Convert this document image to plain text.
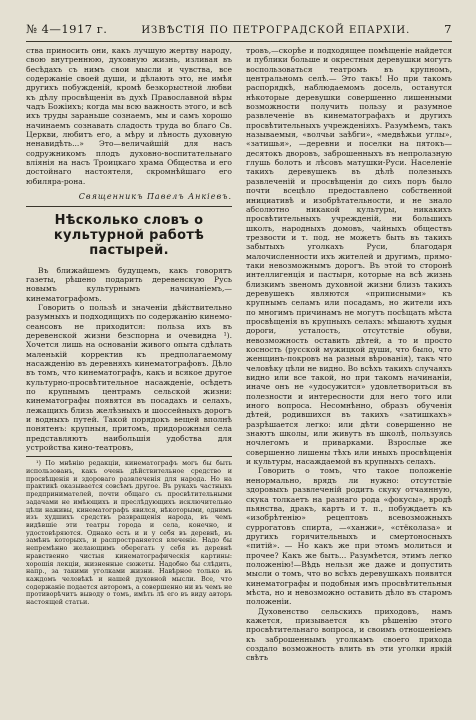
№ 4—1917 г.	ИЗВѢСТІЯ ПО ПЕТРОГРАДСКОЙ ЕПАРХІИ.	7

ства приносить они, какъ лучшую жертву народу, свою внутреннюю, духовную жизнь, изливая въ бесѣдахъ съ нимъ свои мысли и чувства, все содержаніе своей души, и дѣлають это, не имѣя другихъ побужденій, кромѣ безкорыстной любви къ дѣлу просвѣщенія въ духѣ Православной вѣры чадъ Божіихъ; когда мы всю важность этого, и всѣ ихъ труды зараньше сознаемъ, мы и самъ хорошо начинаемъ сознавать сладость труда во благо Св. Церкви, любитъ его, а мѣру и лѣность духовную ненавидѣть...» Это—величайшій для насъ содружникомъ плодъ духовно-воспитательнаго вліянія на насъ Троицкаго храма Общества и его достойнаго настоятеля, скромнѣйшаго его юбиляра-рона.

Священникъ Павелъ Анкіевъ.
Нѣсколько словъ о культурной работѣ пастырей.

Въ ближайшемъ будущемъ, какъ говорятъ газеты, рѣшено подарить деревенскую Русь новымъ культурнымъ начинаніемъ,—кинематографомъ.

Говорить о пользѣ и значеніи дѣйствительно разумныхъ и подходящихъ по содержанію кинемо-сеансовъ не приходится: польза ихъ въ деревенской жизни безспорна и очевидна ¹). Хочется лишь на основаніи живого опыта сдѣлать маленькій корректив къ предполагаемому насажденію въ деревняхъ кинематографовъ. Дѣло въ томъ, что кинематографъ, какъ и всякое другое культурно-просвѣтительное насажденіе, осѣдетъ по крупнымъ центрамъ сельской жизни: кинематографы появятся въ посадахъ и селахъ, лежащихъ близь желѣзныхъ и шоссейныхъ дорогъ и водныхъ путей. Такой порядокъ вещей вполнѣ понятенъ: крупныя, притомъ, придорожныя села представляютъ наибольшія удобства для устройства кино-театровъ,

¹) По мнѣнію редакціи, кинематографъ могъ бы быть использованъ, какъ очень дѣйствительное средство и просвѣщенія и здороваго развлеченія для народа. Но на практикѣ оказывается совсѣмъ другое. Въ рукахъ частныхъ предпринимателей, почти общаго съ просвѣтительными задачами не имѣющихъ и преслѣдующихъ исключительно цѣли наживы, кинематографъ явился, нѣкоторыми, однимъ изъ худшихъ средствъ развращенія народа, въ чемъ видѣвшіе эти театры города и села, конечно, и удостовѣряются. Однако есть и и у себя въ деревнѣ, въ замѣнъ которыхъ, и распространяется влеченіе. Надо бы непремѣнно желающимъ оберегать у себя въ деревнѣ нравственно чистыя кинематографическія картины: хорошія лекціи, жизненные сюжеты. Надобно бы слѣдить, напр., за такими уголками жизни. Навѣрное только въ каждомъ человѣкѣ и нашей духовной мысли. Все, что содержаніе подается авторомъ, а совершенно ни въ чемъ не противорѣчитъ выводу о томъ, имѣть лѣ его въ виду авторъ настоящей статьи.

тровъ,—скорѣе и подходящее помѣщеніе найдется и публики больше и окрестныя деревушки могутъ воспользоваться театромъ въ крупномъ, центральномъ селѣ.— Это такъ! Но при такомъ распорядкѣ, наблюдаемомъ досель, останутся нѣкоторые деревушки совершенно лишенными возможности получить пользу и разумное развлеченіе въ кинематографахъ и другихъ просвѣтительныхъ учрежденіяхъ. Разумѣемъ, такъ называемыя, «волчьи заѣбги», «медвѣжьи углы», «затишья», —деревни и поселки на пятокъ—десятокъ дворовъ, заброшенныхъ въ непролазную глушь болотъ и лѣсовъ матушки-Руси. Населеніе такихъ деревушекъ въ дѣлѣ полезныхъ развлеченій и просвѣщенія до сихъ поръ было почти всецѣло предоставлено собственной инициативѣ и изобрѣтательности, и не знало абсолютно никакой культуры, никакихъ просвѣтительныхъ учрежденій, ни большихъ школъ, народныхъ домовъ, чайныхъ обществъ трезвости и т. под. не можетъ быть въ такихъ забытыхъ уголкахъ Руси, благодаря малочисленности ихъ жителей и другимъ, прямо-таки невозможнымъ дорогъ. Въ этой то сторонѣ интеллигенція и пастыря, которые на всѣ жизнь близкимъ звеномъ духовной жизни близъ такихъ деревушекъ являются «приписными» къ крупнымъ селамъ или посадамъ, но жители ихъ по многимъ причинамъ не могутъ посѣщать мѣста просвѣщенія въ крупныхъ селахъ: мѣшаютъ худыя дороги, усталость, отсутствіе обуви, невозможность оставить дѣтей, а то и просто косность (русской мужицкой души, что было, что женщинъ-покровъ на разныя вѣрованія), такъ что человѣку цѣли не видно. Во всѣхъ такихъ случаяхъ видно или все такой, но при такомъ начинаніи, иначе онъ не «удосужится» удовлетвориться въ полезности и интересности для него того или иного вопроса. Несомнѣнно, образъ обученія дѣтей, родившихся въ такихъ «затишкахъ» разрѣшается легко: или дѣти совершенно не знаютъ школы, или живутъ въ школѣ, пользуясь ночлегомъ и приварками. Взрослые же совершенно лишены тѣхъ или иныхъ просвѣщенія и культуры, насаждаемой въ крупныхъ селахъ.

Говорить о томъ, что такое положеніе ненормально, врядъ ли нужно: отсутствіе здоровыхъ развлеченій родитъ скуку отчаянную, скука толкаетъ на разнаго рода «фокусы», вродѣ пьянства, дракъ, картъ и т. п., побуждаетъ къ «изобрѣтенію» рецептовъ всевозможныхъ суррогатовъ спирта, —«ханжи», «стёколаза» и другихъ горячительныхъ и смертоносныхъ «питій». — Но какъ же при этомъ молиться и прочее? Какъ же быть... Разумѣется, этимъ легко положенію!—Вѣдь нельзя же даже и допустить мысли о томъ, что во всѣхъ деревушкахъ появятся кинематографы и подобныя имъ просвѣтительныя мѣста, но и невозможно оставить дѣло въ старомъ положеніи.

Духовенство сельскихъ приходовъ, намъ кажется, призывается къ рѣшенію этого просвѣтительнаго вопроса, и своимъ отношеніемъ къ заброшеннымъ уголкамъ своего прихода создало возможность влить въ эти уголки яркій свѣтъ
